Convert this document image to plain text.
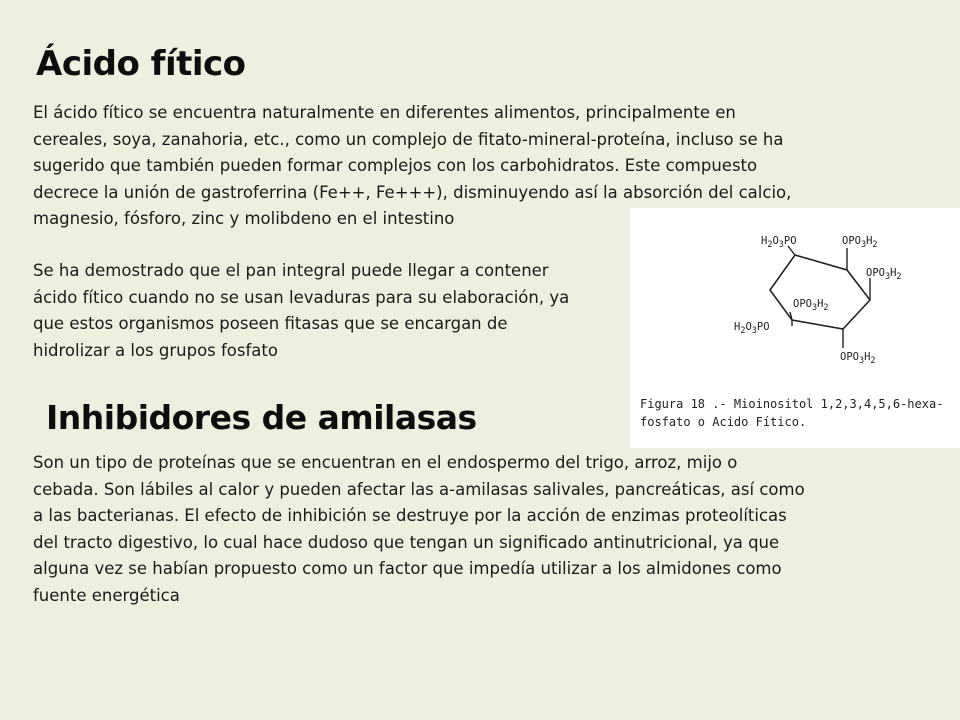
Ácido fítico

El ácido fítico se encuentra naturalmente en diferentes alimentos, principalmente en
cereales, soya, zanahoria, etc., como un complejo de fitato-mineral-proteína, incluso se ha
sugerido que también pueden formar complejos con los carbohidratos. Este compuesto
decrece la unión de gastroferrina (Fe++, Fe+++), disminuyendo así la absorción del calcio,
magnesio, fósforo, zinc y molibdeno en el intestino

Se ha demostrado que el pan integral puede llegar a contener
ácido fítico cuando no se usan levaduras para su elaboración, ya
que estos organismos poseen fitasas que se encargan de
hidrolizar a los grupos fosfato

$H_2O_3PO$	$OPO_3H_2$
$OPO_3H_2$
$OPO_3H_2$
$H_2O_3PO$
$OPO_3H_2$
Figura 18 .- Mioinositol 1,2,3,4,5,6-hexa-
fosfato o Acido Fítico.
Inhibidores de amilasas

Son un tipo de proteínas que se encuentran en el endospermo del trigo, arroz, mijo o
cebada. Son lábiles al calor y pueden afectar las a-amilasas salivales, pancreáticas, así como
a las bacterianas. El efecto de inhibición se destruye por la acción de enzimas proteolíticas
del tracto digestivo, lo cual hace dudoso que tengan un significado antinutricional, ya que
alguna vez se habían propuesto como un factor que impedía utilizar a los almidones como
fuente energética
